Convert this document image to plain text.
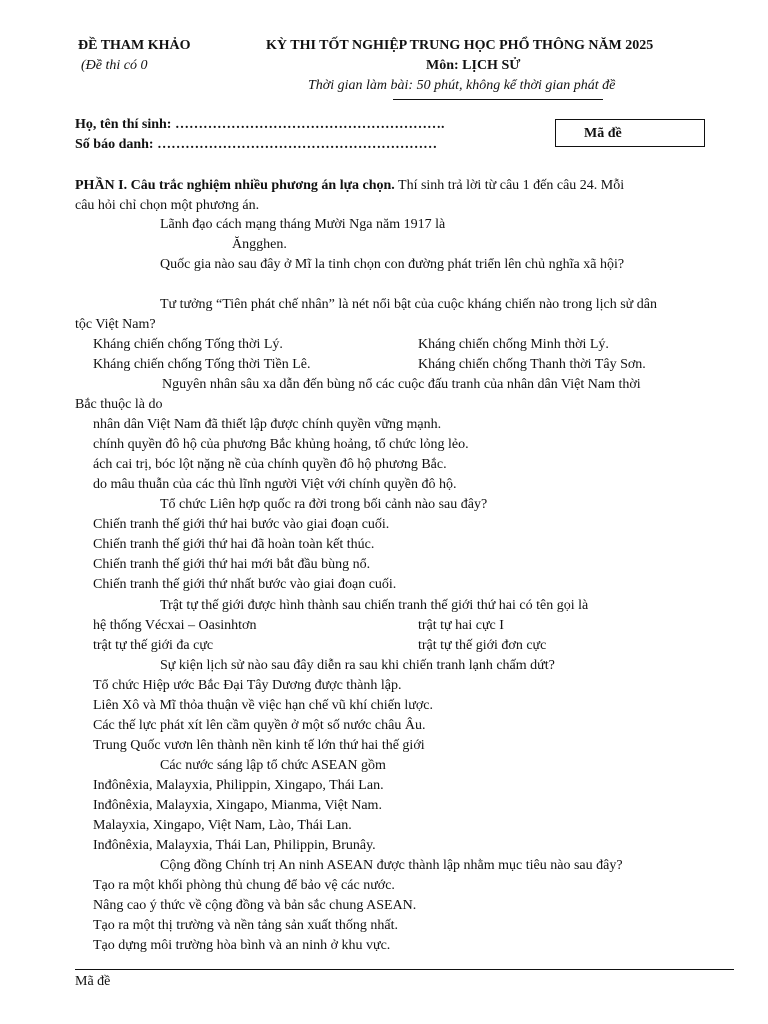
ĐỀ THAM KHẢO
(Đề thi có 0
KỲ THI TỐT NGHIỆP TRUNG HỌC PHỔ THÔNG NĂM 2025
Môn: LỊCH SỬ
Thời gian làm bài: 50 phút, không kể thời gian phát đề
Họ, tên thí sinh: ………………………………………………….
Số báo danh: ……………………………………………………
Mã đề
PHẦN I. Câu trắc nghiệm nhiều phương án lựa chọn. Thí sinh trả lời từ câu 1 đến câu 24. Mỗi
câu hỏi chỉ chọn một phương án.
Lãnh đạo cách mạng tháng Mười Nga năm 1917 là
Ăngghen.
Quốc gia nào sau đây ở Mĩ la tinh chọn con đường phát triển lên chủ nghĩa xã hội?
Tư tưởng “Tiên phát chế nhân” là nét nổi bật của cuộc kháng chiến nào trong lịch sử dân
tộc Việt Nam?
Kháng chiến chống Tống thời Lý.	Kháng chiến chống Minh thời Lý.
Kháng chiến chống Tống thời Tiền Lê.	Kháng chiến chống Thanh thời Tây Sơn.
Nguyên nhân sâu xa dẫn đến bùng nổ các cuộc đấu tranh của nhân dân Việt Nam thời
Bắc thuộc là do
nhân dân Việt Nam đã thiết lập được chính quyền vững mạnh.
chính quyền đô hộ của phương Bắc khủng hoảng, tổ chức lỏng lẻo.
ách cai trị, bóc lột nặng nề của chính quyền đô hộ phương Bắc.
do mâu thuẫn của các thủ lĩnh người Việt với chính quyền đô hộ.
Tổ chức Liên hợp quốc ra đời trong bối cảnh nào sau đây?
Chiến tranh thế giới thứ hai bước vào giai đoạn cuối.
Chiến tranh thế giới thứ hai đã hoàn toàn kết thúc.
Chiến tranh thế giới thứ hai mới bắt đầu bùng nổ.
Chiến tranh thế giới thứ nhất bước vào giai đoạn cuối.
Trật tự thế giới được hình thành sau chiến tranh thế giới thứ hai có tên gọi là
hệ thống Vécxai – Oasinhtơn	trật tự hai cực I
trật tự thế giới đa cực	trật tự thế giới đơn cực
Sự kiện lịch sử nào sau đây diễn ra sau khi chiến tranh lạnh chấm dứt?
Tổ chức Hiệp ước Bắc Đại Tây Dương được thành lập.
Liên Xô và Mĩ thỏa thuận về việc hạn chế vũ khí chiến lược.
Các thế lực phát xít lên cầm quyền ở một số nước châu Âu.
Trung Quốc vươn lên thành nền kinh tế lớn thứ hai thế giới
Các nước sáng lập tổ chức ASEAN gồm
Inđônêxia, Malayxia, Philippin, Xingapo, Thái Lan.
Inđônêxia, Malayxia, Xingapo, Mianma, Việt Nam.
Malayxia, Xingapo, Việt Nam, Lào, Thái Lan.
Inđônêxia, Malayxia, Thái Lan, Philippin, Brunây.
Cộng đồng Chính trị An ninh ASEAN được thành lập nhằm mục tiêu nào sau đây?
Tạo ra một khối phòng thủ chung để bảo vệ các nước.
Nâng cao ý thức về cộng đồng và bản sắc chung ASEAN.
Tạo ra một thị trường và nền tảng sản xuất thống nhất.
Tạo dựng môi trường hòa bình và an ninh ở khu vực.
Mã đề
